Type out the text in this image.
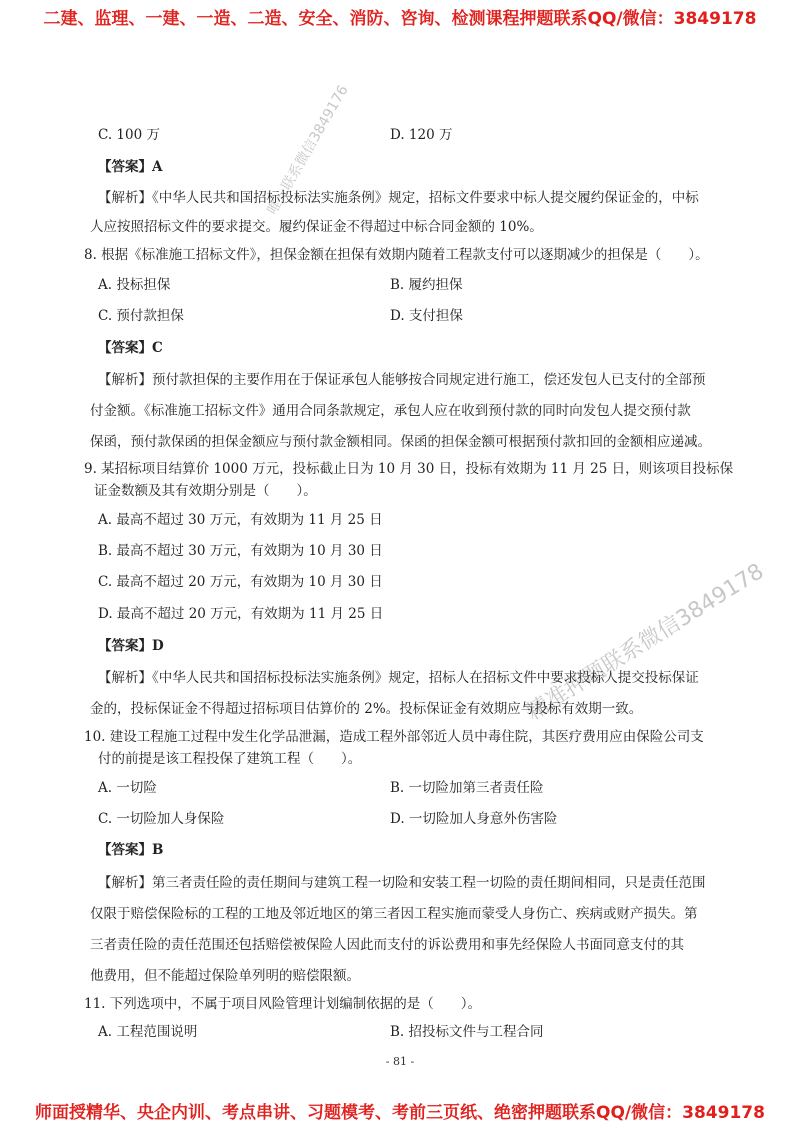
二建、监理、一建、一造、二造、安全、消防、咨询、检测课程押题联系QQ/微信：3849178
唯一联系微信3849176
精准押题联系微信3849178
C. 100 万	D. 120 万
【答案】A
【解析】《中华人民共和国招标投标法实施条例》规定，招标文件要求中标人提交履约保证金的，中标
人应按照招标文件的要求提交。履约保证金不得超过中标合同金额的 10%。
8. 根据《标准施工招标文件》，担保金额在担保有效期内随着工程款支付可以逐期减少的担保是（　　）。
A. 投标担保	B. 履约担保
C. 预付款担保	D. 支付担保
【答案】C
【解析】预付款担保的主要作用在于保证承包人能够按合同规定进行施工，偿还发包人已支付的全部预
付金额。《标准施工招标文件》通用合同条款规定，承包人应在收到预付款的同时向发包人提交预付款
保函，预付款保函的担保金额应与预付款金额相同。保函的担保金额可根据预付款扣回的金额相应递减。
9. 某招标项目结算价 1000 万元，投标截止日为 10 月 30 日，投标有效期为 11 月 25 日，则该项目投标保
证金数额及其有效期分别是（　　）。
A. 最高不超过 30 万元，有效期为 11 月 25 日
B. 最高不超过 30 万元，有效期为 10 月 30 日
C. 最高不超过 20 万元，有效期为 10 月 30 日
D. 最高不超过 20 万元，有效期为 11 月 25 日
【答案】D
【解析】《中华人民共和国招标投标法实施条例》规定，招标人在招标文件中要求投标人提交投标保证
金的，投标保证金不得超过招标项目估算价的 2%。投标保证金有效期应与投标有效期一致。
10. 建设工程施工过程中发生化学品泄漏，造成工程外部邻近人员中毒住院，其医疗费用应由保险公司支
付的前提是该工程投保了建筑工程（　　）。
A. 一切险	B. 一切险加第三者责任险
C. 一切险加人身保险	D. 一切险加人身意外伤害险
【答案】B
【解析】第三者责任险的责任期间与建筑工程一切险和安装工程一切险的责任期间相同，只是责任范围
仅限于赔偿保险标的工程的工地及邻近地区的第三者因工程实施而蒙受人身伤亡、疾病或财产损失。第
三者责任险的责任范围还包括赔偿被保险人因此而支付的诉讼费用和事先经保险人书面同意支付的其
他费用，但不能超过保险单列明的赔偿限额。
11. 下列选项中，不属于项目风险管理计划编制依据的是（　　）。
A. 工程范围说明	B. 招投标文件与工程合同
- 81 -
师面授精华、央企内训、考点串讲、习题模考、考前三页纸、绝密押题联系QQ/微信：3849178
